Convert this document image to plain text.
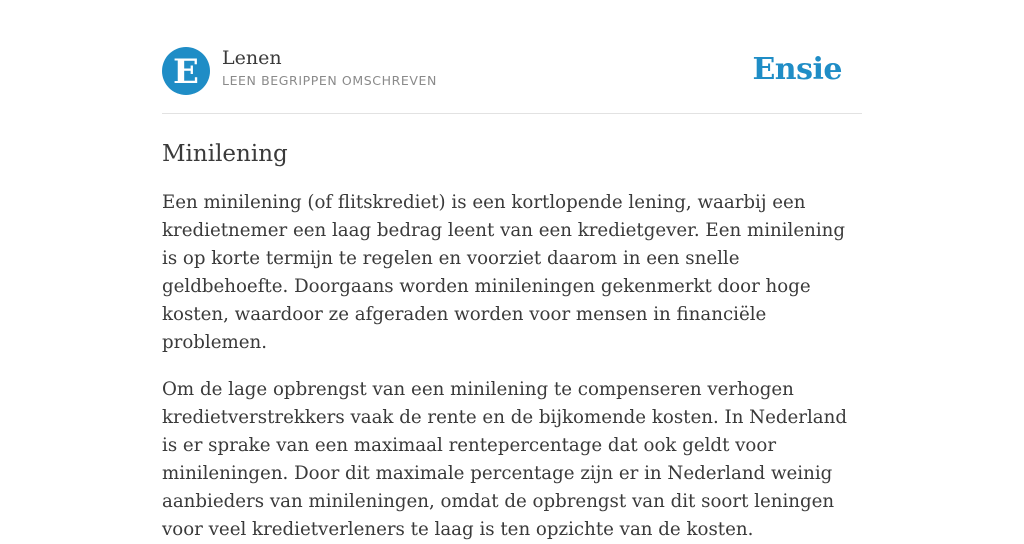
E Lenen
LEEN BEGRIPPEN OMSCHREVEN	Ensie
Minilening

Een minilening (of flitskrediet) is een kortlopende lening, waarbij een kredietnemer een laag bedrag leent van een kredietgever. Een minilening is op korte termijn te regelen en voorziet daarom in een snelle geldbehoefte. Doorgaans worden minileningen gekenmerkt door hoge kosten, waardoor ze afgeraden worden voor mensen in financiële problemen.

Om de lage opbrengst van een minilening te compenseren verhogen kredietverstrekkers vaak de rente en de bijkomende kosten. In Nederland is er sprake van een maximaal rentepercentage dat ook geldt voor minileningen. Door dit maximale percentage zijn er in Nederland weinig aanbieders van minileningen, omdat de opbrengst van dit soort leningen voor veel kredietverleners te laag is ten opzichte van de kosten.
